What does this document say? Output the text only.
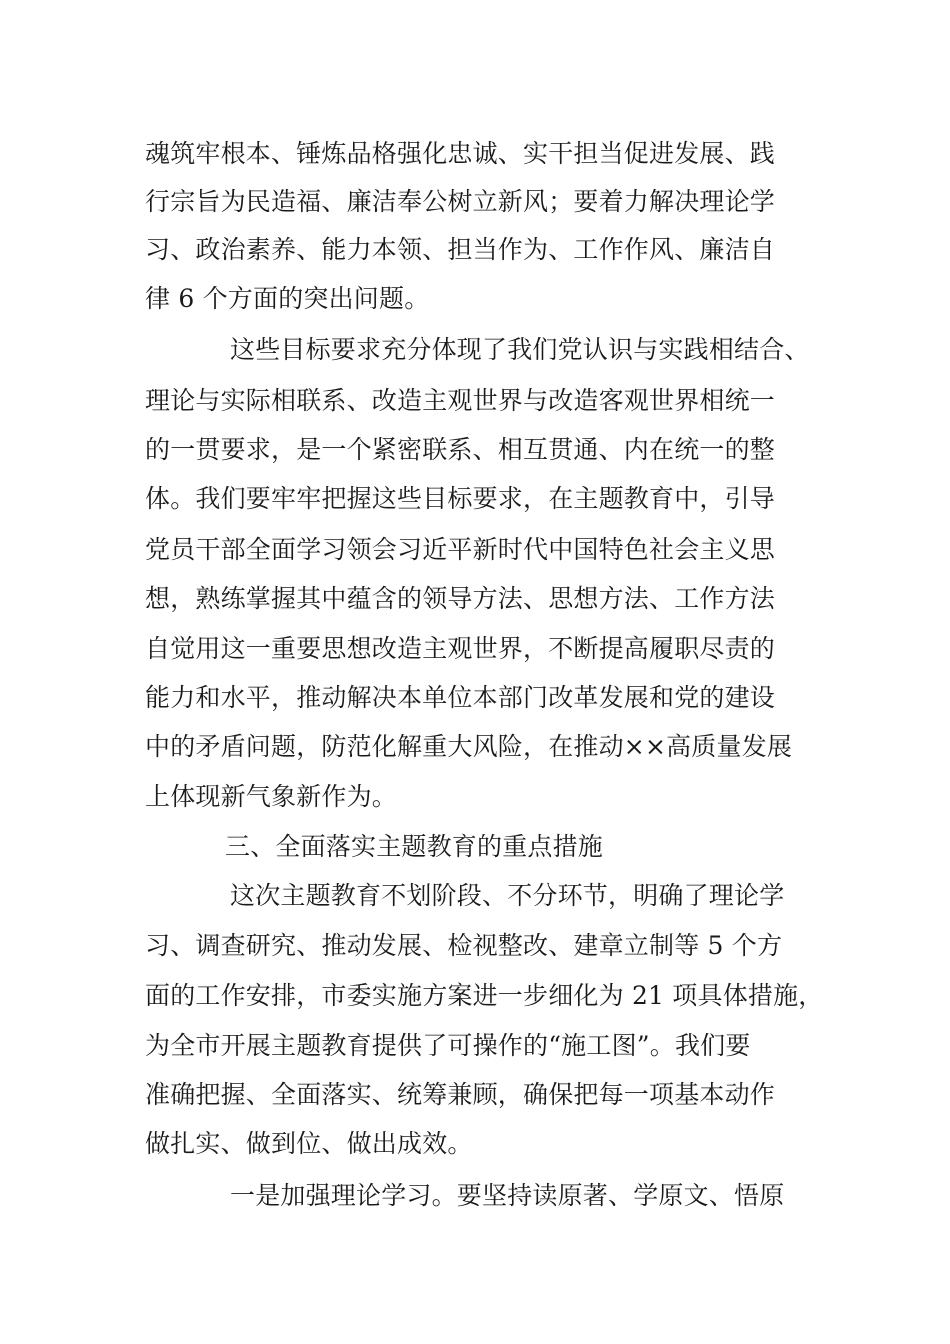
魂筑牢根本、锤炼品格强化忠诚、实干担当促进发展、践
行宗旨为民造福、廉洁奉公树立新风；要着力解决理论学
习、政治素养、能力本领、担当作为、工作作风、廉洁自
律 6 个方面的突出问题。
这些目标要求充分体现了我们党认识与实践相结合、
理论与实际相联系、改造主观世界与改造客观世界相统一
的一贯要求，是一个紧密联系、相互贯通、内在统一的整
体。我们要牢牢把握这些目标要求，在主题教育中，引导
党员干部全面学习领会习近平新时代中国特色社会主义思
想，熟练掌握其中蕴含的领导方法、思想方法、工作方法
自觉用这一重要思想改造主观世界，不断提高履职尽责的
能力和水平，推动解决本单位本部门改革发展和党的建设
中的矛盾问题，防范化解重大风险，在推动××高质量发展
上体现新气象新作为。
三、全面落实主题教育的重点措施
这次主题教育不划阶段、不分环节，明确了理论学
习、调查研究、推动发展、检视整改、建章立制等 5 个方
面的工作安排，市委实施方案进一步细化为 21 项具体措施，
为全市开展主题教育提供了可操作的“施工图”。我们要
准确把握、全面落实、统筹兼顾，确保把每一项基本动作
做扎实、做到位、做出成效。
一是加强理论学习。要坚持读原著、学原文、悟原
